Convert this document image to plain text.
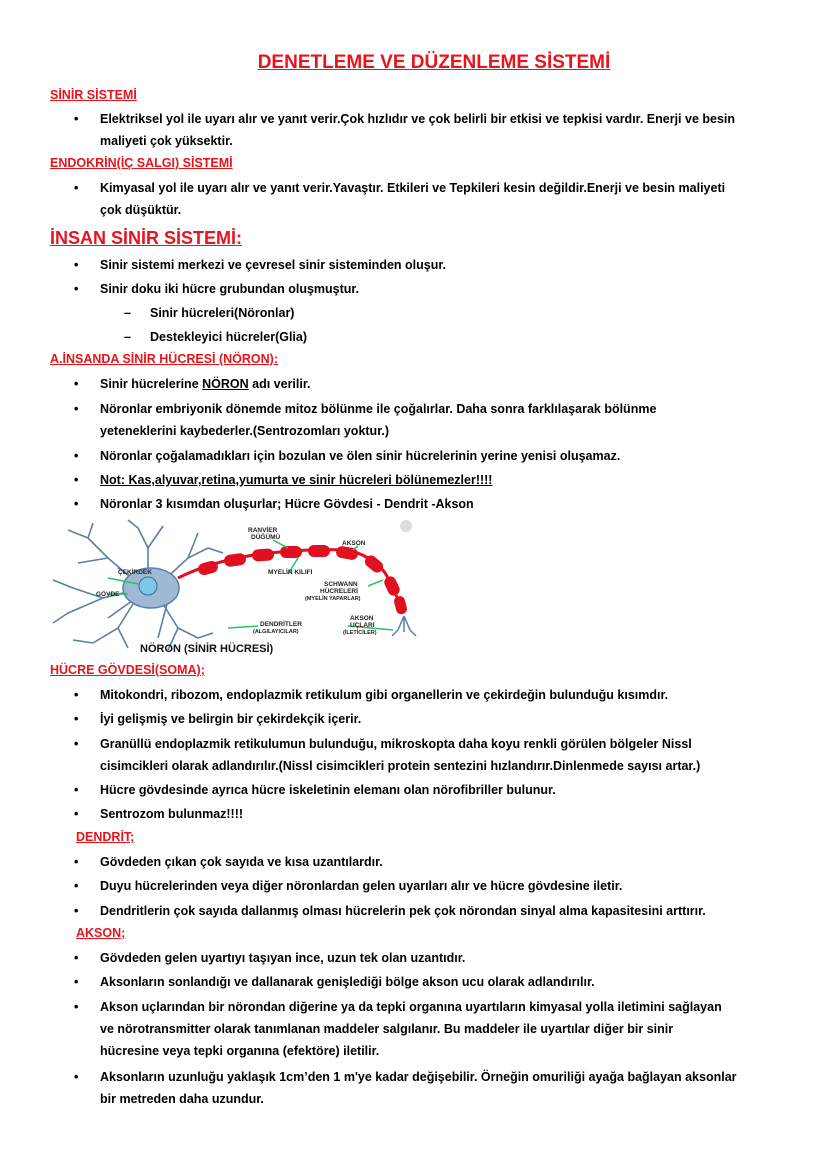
DENETLEME VE DÜZENLEME SİSTEMİ
SİNİR SİSTEMİ
•	Elektriksel yol ile uyarı alır ve yanıt verir.Çok hızlıdır ve çok belirli bir etkisi ve tepkisi vardır. Enerji ve besin
maliyeti çok yüksektir.
ENDOKRİN(İÇ SALGI) SİSTEMİ
•	Kimyasal yol ile uyarı alır ve yanıt verir.Yavaştır. Etkileri ve Tepkileri kesin değildir.Enerji ve besin maliyeti
çok düşüktür.
İNSAN SİNİR SİSTEMİ:
•	Sinir sistemi merkezi ve çevresel sinir sisteminden oluşur.
•	Sinir doku iki hücre grubundan oluşmuştur.
–	Sinir hücreleri(Nöronlar)
–	Destekleyici hücreler(Glia)
A.İNSANDA SİNİR HÜCRESİ (NÖRON):
•	Sinir hücrelerine NÖRON adı verilir.
•	Nöronlar embriyonik dönemde mitoz bölünme ile çoğalırlar. Daha sonra farklılaşarak bölünme
yeteneklerini kaybederler.(Sentrozomları yoktur.)
•	Nöronlar çoğalamadıkları için bozulan ve ölen sinir hücrelerinin yerine yenisi oluşamaz.
•	Not: Kas,alyuvar,retina,yumurta ve sinir hücreleri bölünemezler!!!!
•	Nöronlar 3 kısımdan oluşurlar; Hücre Gövdesi - Dendrit -Akson
RANVİER
DÜĞÜMÜ
AKSON
ÇEKİRDEK	MYELİN KILIFI
SCHWANN
HÜCRELERİ
(MYELİN YAPARLAR)
GÖVDE
AKSON
UÇLARI
(İLETİCİLER)
DENDRİTLER
(ALGILAYICILAR)
NÖRON (SİNİR HÜCRESİ)
HÜCRE GÖVDESİ(SOMA);
•	Mitokondri, ribozom, endoplazmik retikulum gibi organellerin ve çekirdeğin bulunduğu kısımdır.
•	İyi gelişmiş ve belirgin bir çekirdekçik içerir.
•	Granüllü endoplazmik retikulumun bulunduğu, mikroskopta daha koyu renkli görülen bölgeler Nissl
cisimcikleri olarak adlandırılır.(Nissl cisimcikleri protein sentezini hızlandırır.Dinlenmede sayısı artar.)
•	Hücre gövdesinde ayrıca hücre iskeletinin elemanı olan nörofibriller bulunur.
•	Sentrozom bulunmaz!!!!
DENDRİT;
•	Gövdeden çıkan çok sayıda ve kısa uzantılardır.
•	Duyu hücrelerinden veya diğer nöronlardan gelen uyarıları alır ve hücre gövdesine iletir.
•	Dendritlerin çok sayıda dallanmış olması hücrelerin pek çok nörondan sinyal alma kapasitesini arttırır.
AKSON;
•	Gövdeden gelen uyartıyı taşıyan ince, uzun tek olan uzantıdır.
•	Aksonların sonlandığı ve dallanarak genişlediği bölge akson ucu olarak adlandırılır.
•	Akson uçlarından bir nörondan diğerine ya da tepki organına uyartıların kimyasal yolla iletimini sağlayan
ve nörotransmitter olarak tanımlanan maddeler salgılanır. Bu maddeler ile uyartılar diğer bir sinir
hücresine veya tepki organına (efektöre) iletilir.
•	Aksonların uzunluğu yaklaşık 1cm’den 1 m'ye kadar değişebilir. Örneğin omuriliği ayağa bağlayan aksonlar
bir metreden daha uzundur.
